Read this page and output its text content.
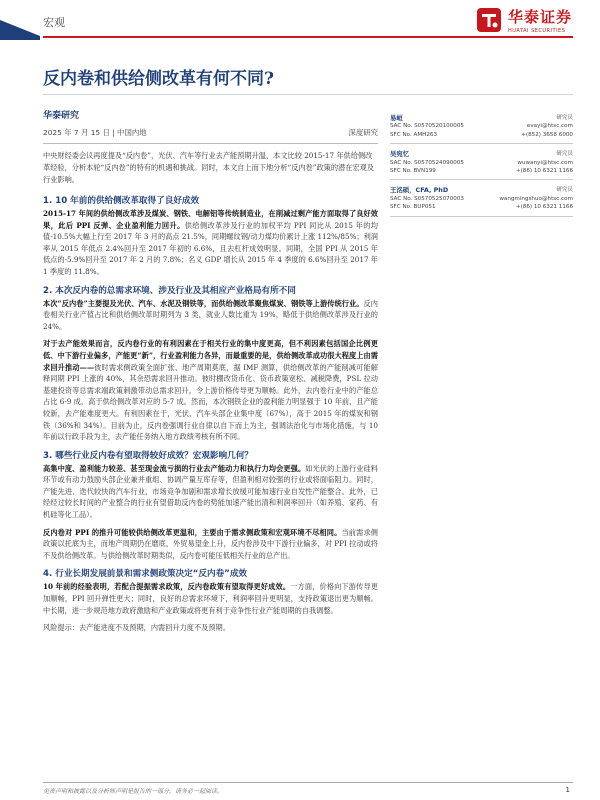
宏观	华泰证券
HUATAI SECURITIES
反内卷和供给侧改革有何不同?
华泰研究
2025 年 7 月 15 日 | 中国内地	深度研究
中央财经委会议再度提及“反内卷”，光伏、汽车等行业去产能预期升温，本文比较 2015-17 年供给侧改革经验，分析本轮“反内卷”的特有的机遇和挑战。同时，本文自上而下地分析“反内卷”政策的潜在宏观及行业影响。
1. 10 年前的供给侧改革取得了良好成效
2015-17 年间的供给侧改革涉及煤炭、钢铁、电解铝等传统制造业，在削减过剩产能方面取得了良好效果，此后 PPI 反弹、企业盈利能力回升。供给侧改革涉及行业的加权平均 PPI 同比从 2015 年的均值-10.5%大幅上行至 2017 年 3 月的高点 21.5%，同期螺纹钢/动力煤均价累计上涨 112%/85%；利润率从 2015 年低点 2.4%回升至 2017 年初的 6.6%，且去杠杆成效明显。同期，全国 PPI 从 2015 年低点的-5.9%回升至 2017 年 2 月的 7.8%；名义 GDP 增长从 2015 年 4 季度的 6.6%回升至 2017 年 1 季度的 11.8%。
2. 本次反内卷的总需求环境、涉及行业及其相应产业格局有所不同
本次“反内卷”主要提及光伏、汽车、水泥及钢铁等，而供给侧改革聚焦煤炭、钢铁等上游传统行业。反内卷相关行业产值占比和供给侧改革时期列为 3 类，就业人数比重为 19%，略低于供给侧改革涉及行业的 24%。
对于去产能效果而言，反内卷行业的有利因素在于相关行业的集中度更高，但不利因素包括国企比例更低、中下游行业偏多，产能更“新”，行业盈利能力各异，而最重要的是，供给侧改革成功很大程度上由需求回升推动——彼时需求侧政策全面扩张、地产周期莫底，据 IMF 测算，供给侧改革的产能削减可能解释同期 PPI 上涨的 40%，其余恐需求回升推动。彼时棚改货币化、货币政策宽松、减税降费，PSL 拉动基建投资等总需求端政策刺激带动总需求回升，令上游价格传导更为顺畅。此外，去内卷行业中的产能总占比 6-9 成，高于供给侧改革对应的 5-7 成。然而，本次钢铁企业的盈利能力明显强于 10 年前，且产能较新，去产能难度更大。有利因素在于，光伏、汽车头部企业集中度（67%），高于 2015 年的煤炭和钢铁（36%和 34%）。目前为止，反内卷强调行业自律以自下而上为主，强调法治化与市场化措施，与 10 年前以行政手段为主，去产能任务纳入地方政绩考核有所不同。
3. 哪些行业反内卷有望取得较好成效？宏观影响几何？
高集中度、盈利能力较差、甚至现金流亏损的行业去产能动力和执行力均会更强。如光伏的上游行业硅料环节或有动力鼓励头部企业兼并重组、协调产量互库存等，但盈利相对较强的行业或将面临阻力。同时，产能先进、迭代较快的汽车行业，市场竞争加剧和需求增长放缓可能加速行业自发性产能整合。此外，已经经过较长时间的产业整合的行业有望借助反内卷的势能加速产能出清和利润率回升（如养殖、家药、有机硅等化工品）。
反内卷对 PPI 的推升可能较供给侧改革更温和，主要由于需求侧政策和宏观环境不尽相同。当前需求侧政策以托底为主，而地产周期仍在磨底，外贸易望金上升，反内卷涉及中下游行业偏多，对 PPI 拉动或将不及供给侧改革。与供给侧改革时期类似，反内卷可能压低相关行业的总产出。
4. 行业长期发展前景和需求侧政策决定“反内卷”成效
10 年前的经验表明，若配合提振需求政策，反内卷政策有望取得更好成效。一方面，价格向下游传导更加顺畅，PPI 回升弹性更大；同时，良好的总需求环境下，利润率回升更明显，支持政策退出更为顺畅。中长期，进一步规范地方政府激励和产业政策或将更有利于竞争性行业产能周期的自我调整。
风险提示：去产能进度不及预期，内需回升力度不及预期。
易峘	研究员
SAC No. S0570520100005	evayi@htsc.com
SFC No. AMH263	+(852) 3658 6000
吴宛忆	研究员
SAC No. S0570524090005	wuwanyi@htsc.com
SFC No. BVN199	+(86) 10 6321 1166
王洺硕，CFA, PhD	研究员
SAC No. S0570525070003	wangmingshuo@htsc.com
SFC No. BUP051	+(86) 10 6321 1166
免责声明和披露以及分析师声明是报告的一部分，请务必一起阅读。	1
